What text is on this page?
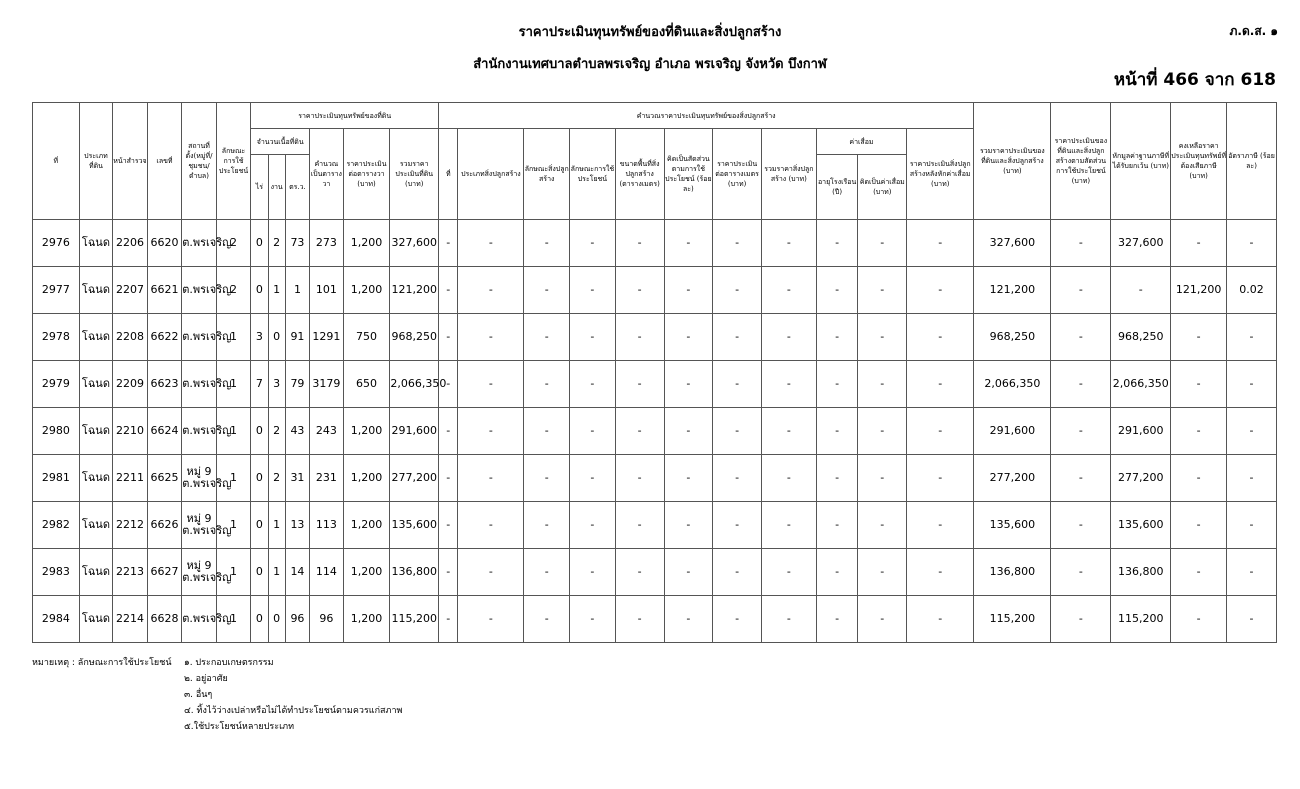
ราคาประเมินทุนทรัพย์ของที่ดินและสิ่งปลูกสร้าง
สำนักงานเทศบาลตำบลพรเจริญ อำเภอ พรเจริญ จังหวัด บึงกาฬ
ภ.ด.ส. ๑
หน้าที่ 466 จาก 618
ที่	ประเภทที่ดิน	หน้าสำรวจ	เลขที่	สถานที่ตั้ง(หมู่ที่/ชุมชน/ตำบล)	ลักษณะการใช้ประโยชน์	ราคาประเมินทุนทรัพย์ของที่ดิน						คำนวณราคาประเมินทุนทรัพย์ของสิ่งปลูกสร้าง											รวมราคาประเมินของที่ดินและสิ่งปลูกสร้าง (บาท)	ราคาประเมินของที่ดินและสิ่งปลูกสร้างตามสัดส่วนการใช้ประโยชน์ (บาท)	หักมูลค่าฐานภาษีที่ได้รับยกเว้น (บาท)	คงเหลือราคาประเมินทุนทรัพย์ที่ต้องเสียภาษี (บาท)	อัตราภาษี (ร้อยละ)
						จำนวนเนื้อที่ดิน			คำนวณเป็นตารางวา	ราคาประเมินต่อตารางวา (บาท)	รวมราคาประเมินที่ดิน (บาท)	ที่	ประเภทสิ่งปลูกสร้าง	ลักษณะสิ่งปลูกสร้าง	ลักษณะการใช้ประโยชน์	ขนาดพื้นที่สิ่งปลูกสร้าง (ตารางเมตร)	คิดเป็นสัดส่วนตามการใช้ประโยชน์ (ร้อยละ)	ราคาประเมินต่อตารางเมตร (บาท)	รวมราคาสิ่งปลูกสร้าง (บาท)	ค่าเสื่อม		ราคาประเมินสิ่งปลูกสร้างหลังหักค่าเสื่อม (บาท)					
						ไร่	งาน	ตร.ว.												อายุโรงเรือน (ปี)	คิดเป็นค่าเสื่อม (บาท)						
2976	โฉนด	2206	6620	ต.พรเจริญ	2	0	2	73	273	1,200	327,600	-	-	-	-	-	-	-	-	-	-	-	327,600	-	327,600	-	-
2977	โฉนด	2207	6621	ต.พรเจริญ	2	0	1	1	101	1,200	121,200	-	-	-	-	-	-	-	-	-	-	-	121,200	-	-	121,200	0.02
2978	โฉนด	2208	6622	ต.พรเจริญ	1	3	0	91	1291	750	968,250	-	-	-	-	-	-	-	-	-	-	-	968,250	-	968,250	-	-
2979	โฉนด	2209	6623	ต.พรเจริญ	1	7	3	79	3179	650	2,066,350	-	-	-	-	-	-	-	-	-	-	-	2,066,350	-	2,066,350	-	-
2980	โฉนด	2210	6624	ต.พรเจริญ	1	0	2	43	243	1,200	291,600	-	-	-	-	-	-	-	-	-	-	-	291,600	-	291,600	-	-
2981	โฉนด	2211	6625	หมู่ 9 ต.พรเจริญ	1	0	2	31	231	1,200	277,200	-	-	-	-	-	-	-	-	-	-	-	277,200	-	277,200	-	-
2982	โฉนด	2212	6626	หมู่ 9 ต.พรเจริญ	1	0	1	13	113	1,200	135,600	-	-	-	-	-	-	-	-	-	-	-	135,600	-	135,600	-	-
2983	โฉนด	2213	6627	หมู่ 9 ต.พรเจริญ	1	0	1	14	114	1,200	136,800	-	-	-	-	-	-	-	-	-	-	-	136,800	-	136,800	-	-
2984	โฉนด	2214	6628	ต.พรเจริญ	1	0	0	96	96	1,200	115,200	-	-	-	-	-	-	-	-	-	-	-	115,200	-	115,200	-	-
หมายเหตุ : ลักษณะการใช้ประโยชน์ ๑. ประกอบเกษตรกรรม
๒. อยู่อาศัย
๓. อื่นๆ
๔. ทิ้งไว้ว่างเปล่าหรือไม่ได้ทำประโยชน์ตามควรแก่สภาพ
๕.ใช้ประโยชน์หลายประเภท
